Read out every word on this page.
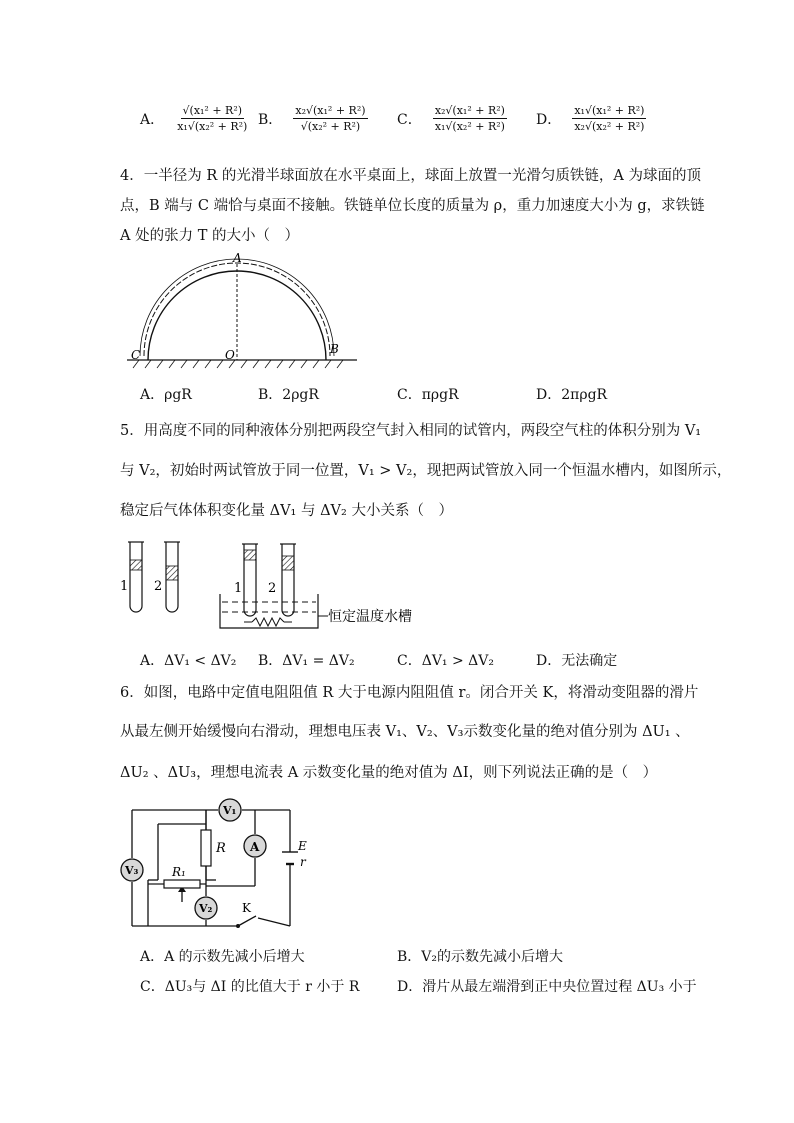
A． $\frac{\text{√(x₁² + R²)}}{\text{x₁√(x₂² + R²)}}$ B． $\frac{\text{x₂√(x₁² + R²)}}{\text{√(x₂² + R²)}}$ C． $\frac{\text{x₂√(x₁² + R²)}}{\text{x₁√(x₂² + R²)}}$ D． $\frac{\text{x₁√(x₁² + R²)}}{\text{x₂√(x₂² + R²)}}$
4．一半径为 R 的光滑半球面放在水平桌面上，球面上放置一光滑匀质铁链，A 为球面的顶
点，B 端与 C 端恰与桌面不接触。铁链单位长度的质量为 ρ，重力加速度大小为 g，求铁链
A 处的张力 T 的大小（　）
A
O
C	B
A．ρgR	B．2ρgR	C．πρgR	D．2πρgR
5．用高度不同的同种液体分别把两段空气封入相同的试管内，两段空气柱的体积分别为 V₁
与 V₂，初始时两试管放于同一位置，V₁ > V₂，现把两试管放入同一个恒温水槽内，如图所示，
稳定后气体体积变化量 ΔV₁ 与 ΔV₂ 大小关系（　）
1 2	1 2
恒定温度水槽
A．ΔV₁ < ΔV₂ B．ΔV₁ = ΔV₂	C．ΔV₁ > ΔV₂	D．无法确定
6．如图，电路中定值电阻阻值 R 大于电源内阻阻值 r。闭合开关 K，将滑动变阻器的滑片
从最左侧开始缓慢向右滑动，理想电压表 V₁、V₂、V₃示数变化量的绝对值分别为 ΔU₁ 、
ΔU₂ 、ΔU₃，理想电流表 A 示数变化量的绝对值为 ΔI，则下列说法正确的是（　）
R₁
R
V₁
V₃
A
V₂
E
r
K
A．A 的示数先减小后增大	B．V₂的示数先减小后增大
C．ΔU₃与 ΔI 的比值大于 r 小于 R	D．滑片从最左端滑到正中央位置过程 ΔU₃ 小于
